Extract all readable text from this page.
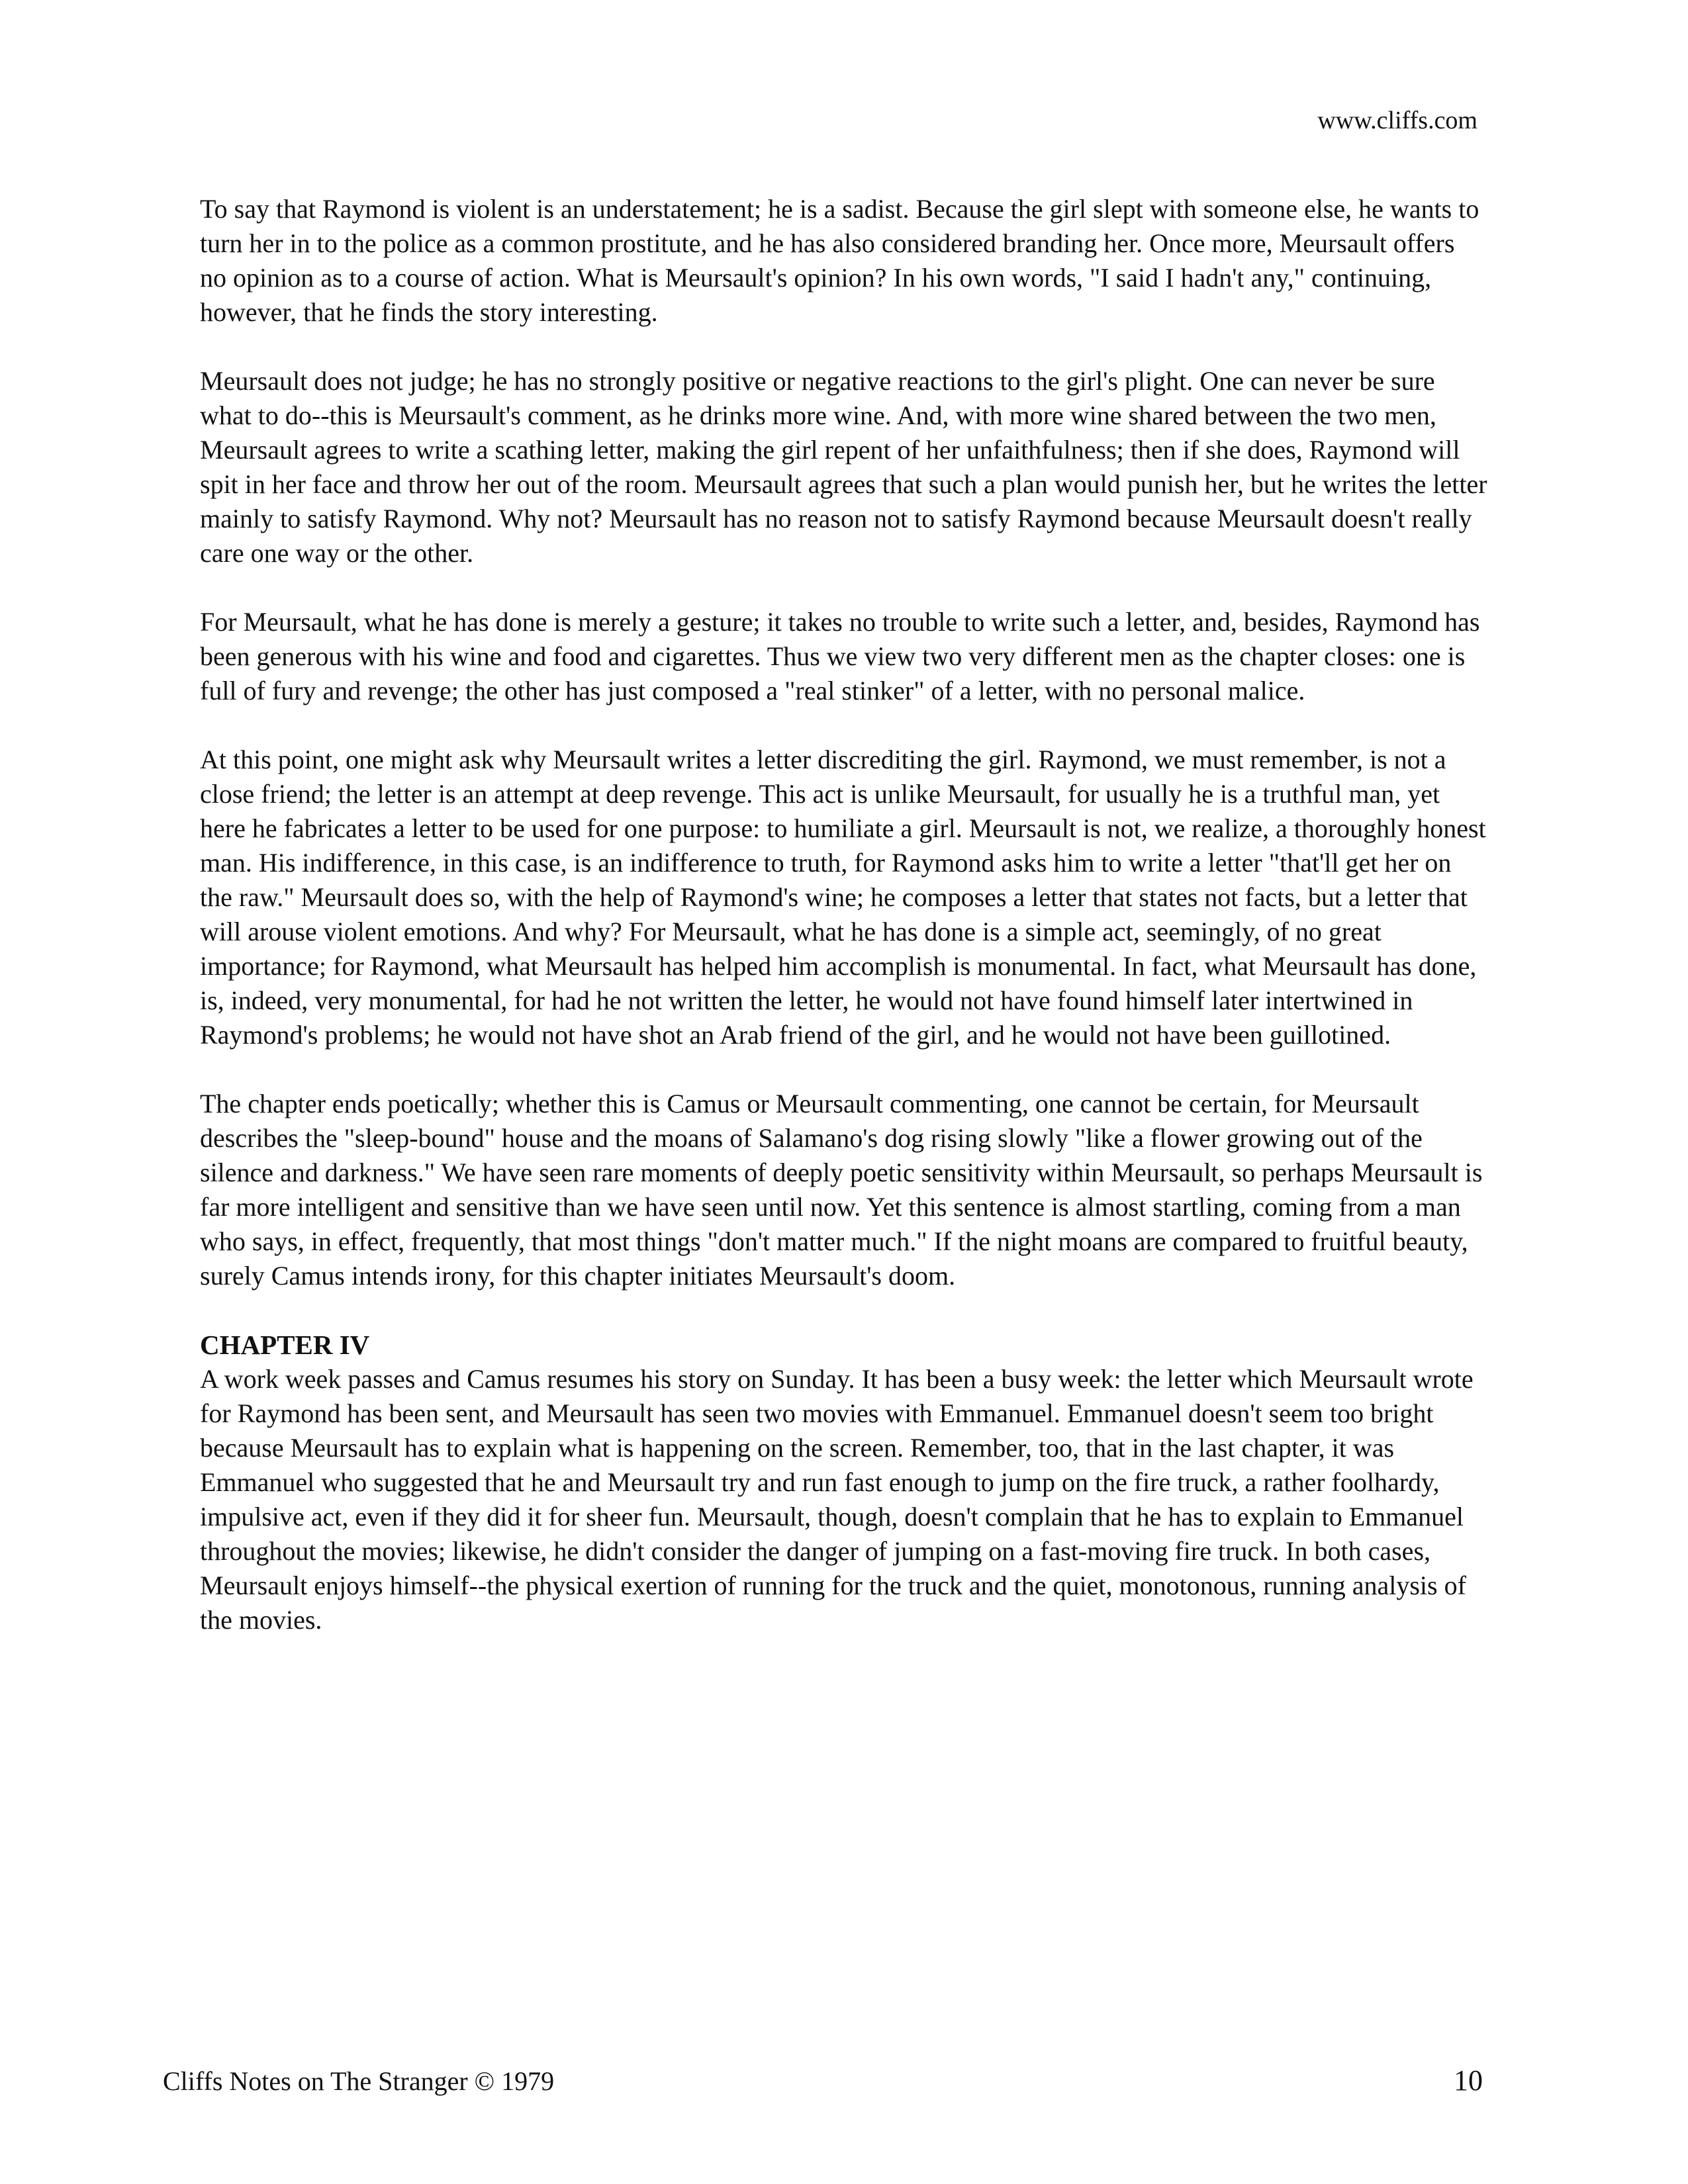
www.cliffs.com

To say that Raymond is violent is an understatement; he is a sadist. Because the girl slept with someone else, he wants to turn her in to the police as a common prostitute, and he has also considered branding her. Once more, Meursault offers no opinion as to a course of action. What is Meursault's opinion? In his own words, "I said I hadn't any," continuing, however, that he finds the story interesting.

Meursault does not judge; he has no strongly positive or negative reactions to the girl's plight. One can never be sure what to do--this is Meursault's comment, as he drinks more wine. And, with more wine shared between the two men, Meursault agrees to write a scathing letter, making the girl repent of her unfaithfulness; then if she does, Raymond will spit in her face and throw her out of the room. Meursault agrees that such a plan would punish her, but he writes the letter mainly to satisfy Raymond. Why not? Meursault has no reason not to satisfy Raymond because Meursault doesn't really care one way or the other.

For Meursault, what he has done is merely a gesture; it takes no trouble to write such a letter, and, besides, Raymond has been generous with his wine and food and cigarettes. Thus we view two very different men as the chapter closes: one is full of fury and revenge; the other has just composed a "real stinker" of a letter, with no personal malice.

At this point, one might ask why Meursault writes a letter discrediting the girl. Raymond, we must remember, is not a close friend; the letter is an attempt at deep revenge. This act is unlike Meursault, for usually he is a truthful man, yet here he fabricates a letter to be used for one purpose: to humiliate a girl. Meursault is not, we realize, a thoroughly honest man. His indifference, in this case, is an indifference to truth, for Raymond asks him to write a letter "that'll get her on the raw." Meursault does so, with the help of Raymond's wine; he composes a letter that states not facts, but a letter that will arouse violent emotions. And why? For Meursault, what he has done is a simple act, seemingly, of no great importance; for Raymond, what Meursault has helped him accomplish is monumental. In fact, what Meursault has done, is, indeed, very monumental, for had he not written the letter, he would not have found himself later intertwined in Raymond's problems; he would not have shot an Arab friend of the girl, and he would not have been guillotined.

The chapter ends poetically; whether this is Camus or Meursault commenting, one cannot be certain, for Meursault describes the "sleep-bound" house and the moans of Salamano's dog rising slowly "like a flower growing out of the silence and darkness." We have seen rare moments of deeply poetic sensitivity within Meursault, so perhaps Meursault is far more intelligent and sensitive than we have seen until now. Yet this sentence is almost startling, coming from a man who says, in effect, frequently, that most things "don't matter much." If the night moans are compared to fruitful beauty, surely Camus intends irony, for this chapter initiates Meursault's doom.

CHAPTER IV

A work week passes and Camus resumes his story on Sunday. It has been a busy week: the letter which Meursault wrote for Raymond has been sent, and Meursault has seen two movies with Emmanuel. Emmanuel doesn't seem too bright because Meursault has to explain what is happening on the screen. Remember, too, that in the last chapter, it was Emmanuel who suggested that he and Meursault try and run fast enough to jump on the fire truck, a rather foolhardy, impulsive act, even if they did it for sheer fun. Meursault, though, doesn't complain that he has to explain to Emmanuel throughout the movies; likewise, he didn't consider the danger of jumping on a fast-moving fire truck. In both cases, Meursault enjoys himself--the physical exertion of running for the truck and the quiet, monotonous, running analysis of the movies.

Cliffs Notes on The Stranger © 1979	10
